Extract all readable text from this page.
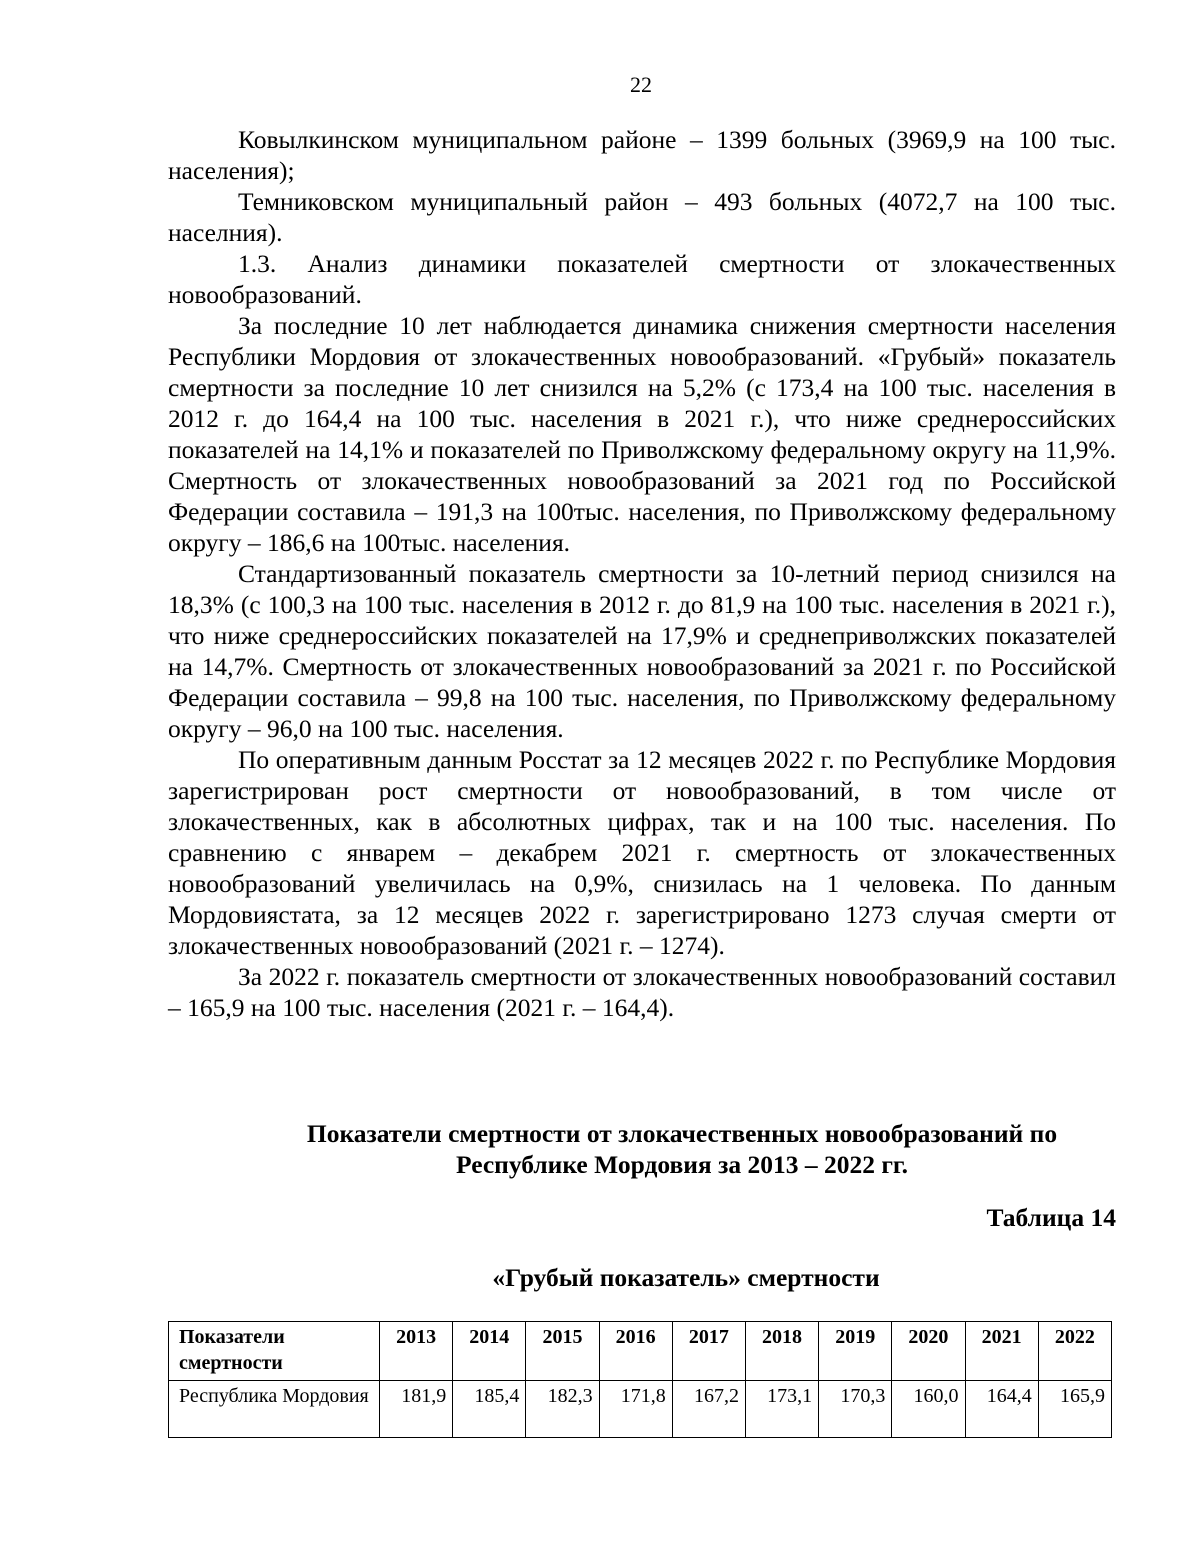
22

Ковылкинском муниципальном районе – 1399 больных (3969,9 на 100 тыс. населения);

Темниковском муниципальный район – 493 больных (4072,7 на 100 тыс. населния).

1.3. Анализ динамики показателей смертности от злокачественных новообразований.

За последние 10 лет наблюдается динамика снижения смертности населения Республики Мордовия от злокачественных новообразований. «Грубый» показатель смертности за последние 10 лет снизился на 5,2% (с 173,4 на 100 тыс. населения в 2012 г. до 164,4 на 100 тыс. населения в 2021 г.), что ниже среднероссийских показателей на 14,1% и показателей по Приволжскому федеральному округу на 11,9%. Смертность от злокачественных новообразований за 2021 год по Российской Федерации составила – 191,3 на 100тыс. населения, по Приволжскому федеральному округу – 186,6 на 100тыс. населения.

Стандартизованный показатель смертности за 10-летний период снизился на 18,3% (с 100,3 на 100 тыс. населения в 2012 г. до 81,9 на 100 тыс. населения в 2021 г.), что ниже среднероссийских показателей на 17,9% и среднеприволжских показателей на 14,7%. Смертность от злокачественных новообразований за 2021 г. по Российской Федерации составила – 99,8 на 100 тыс. населения, по Приволжскому федеральному округу – 96,0 на 100 тыс. населения.

По оперативным данным Росстат за 12 месяцев 2022 г. по Республике Мордовия зарегистрирован рост смертности от новообразований, в том числе от злокачественных, как в абсолютных цифрах, так и на 100 тыс. населения. По сравнению с январем – декабрем 2021 г. смертность от злокачественных новообразований увеличилась на 0,9%, снизилась на 1 человека. По данным Мордовиястата, за 12 месяцев 2022 г. зарегистрировано 1273 случая смерти от злокачественных новообразований (2021 г. – 1274).

За 2022 г. показатель смертности от злокачественных новообразований составил – 165,9 на 100 тыс. населения (2021 г. – 164,4).

Показатели смертности от злокачественных новообразований по
Республике Мордовия за 2013 – 2022 гг.
Таблица 14
«Грубый показатель» смертности
Показатели смертности	2013	2014	2015	2016	2017	2018	2019	2020	2021	2022
Республика Мордовия	181,9	185,4	182,3	171,8	167,2	173,1	170,3	160,0	164,4	165,9
